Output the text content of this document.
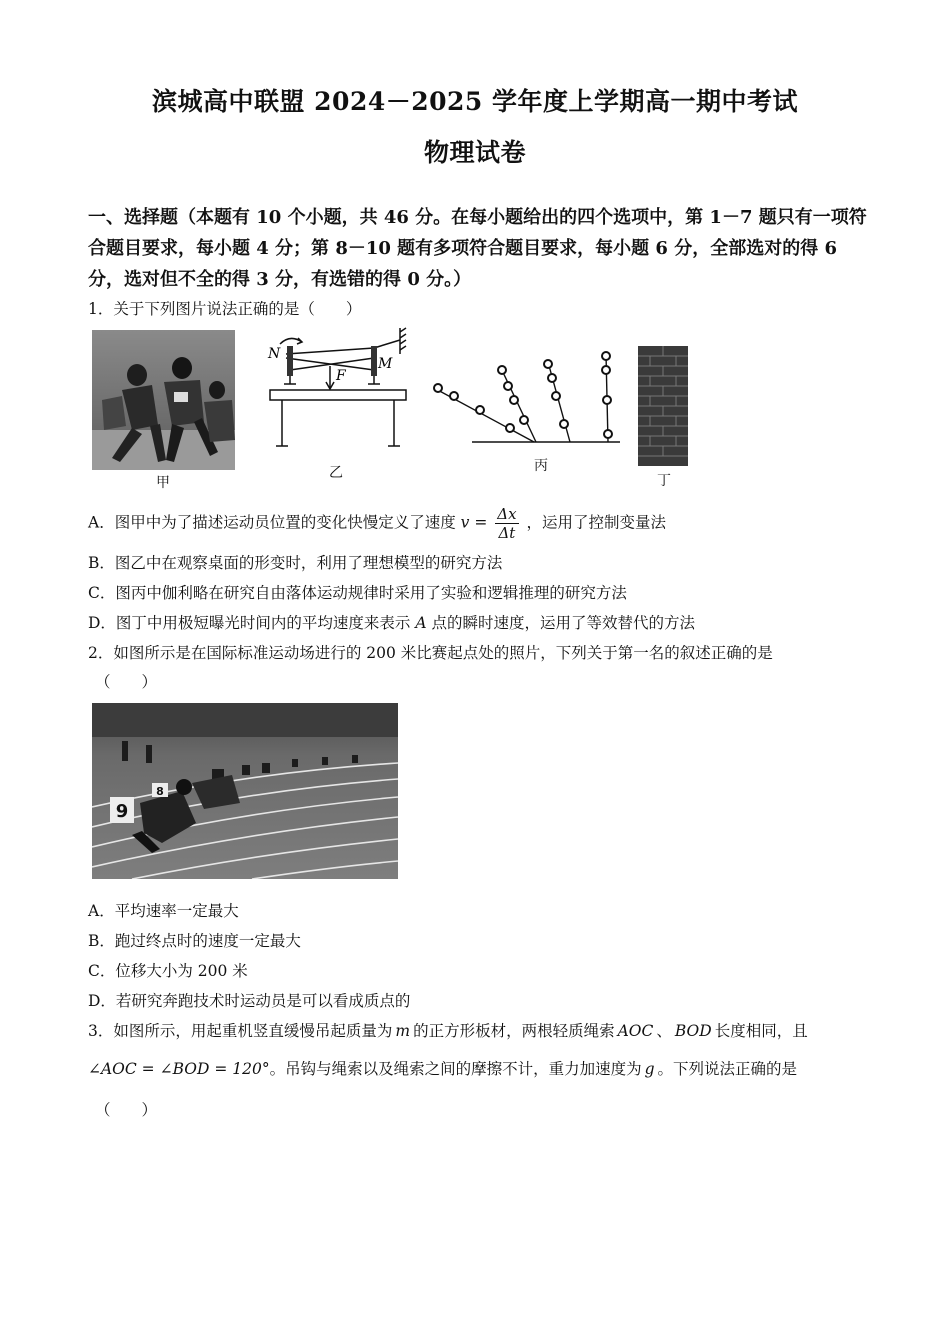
滨城高中联盟 2024－2025 学年度上学期高一期中考试
物理试卷
一、选择题（本题有 10 个小题，共 46 分。在每小题给出的四个选项中，第 1－7 题只有一项符合题目要求，每小题 4 分；第 8－10 题有多项符合题目要求，每小题 6 分，全部选对的得 6 分，选对但不全的得 3 分，有选错的得 0 分。）
1．关于下列图片说法正确的是（　　）
甲
N
M
F
乙	丙
丁
A．图甲中为了描述运动员位置的变化快慢定义了速度 $v = \frac{\Delta x}{\Delta t}$ ，运用了控制变量法
B．图乙中在观察桌面的形变时，利用了理想模型的研究方法
C．图丙中伽利略在研究自由落体运动规律时采用了实验和逻辑推理的研究方法
D．图丁中用极短曝光时间内的平均速度来表示 A 点的瞬时速度，运用了等效替代的方法
2．如图所示是在国际标准运动场进行的 200 米比赛起点处的照片，下列关于第一名的叙述正确的是
（　　）
9
8
A．平均速率一定最大
B．跑过终点时的速度一定最大
C．位移大小为 200 米
D．若研究奔跑技术时运动员是可以看成质点的
3．如图所示，用起重机竖直缓慢吊起质量为 m 的正方形板材，两根轻质绳索 AOC 、 BOD 长度相同，且
∠AOC = ∠BOD = 120°。吊钩与绳索以及绳索之间的摩擦不计，重力加速度为 g 。下列说法正确的是
（　　）
